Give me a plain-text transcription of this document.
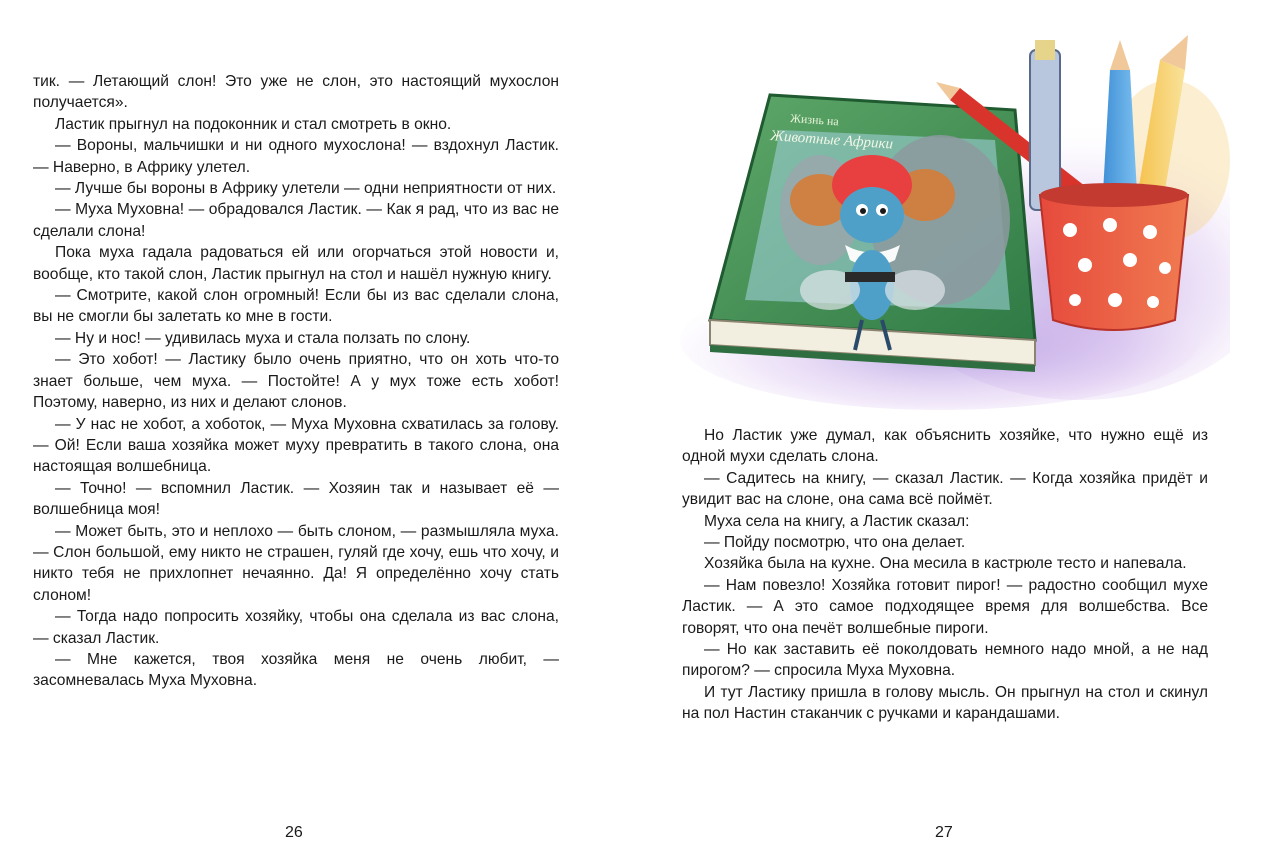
тик. — Летающий слон! Это уже не слон, это настоящий мухослон получается».

Ластик прыгнул на подоконник и стал смотреть в окно.

— Вороны, мальчишки и ни одного мухослона! — вздохнул Ластик. — Наверно, в Африку улетел.

— Лучше бы вороны в Африку улетели — одни неприятности от них.

— Муха Муховна! — обрадовался Ластик. — Как я рад, что из вас не сделали слона!

Пока муха гадала радоваться ей или огорчаться этой новости и, вообще, кто такой слон, Ластик прыгнул на стол и нашёл нужную книгу.

— Смотрите, какой слон огромный! Если бы из вас сделали слона, вы не смогли бы залетать ко мне в гости.

— Ну и нос! — удивилась муха и стала ползать по слону.

— Это хобот! — Ластику было очень приятно, что он хоть что-то знает больше, чем муха. — Постойте! А у мух тоже есть хобот! Поэтому, наверно, из них и делают слонов.

— У нас не хобот, а хоботок, — Муха Муховна схватилась за голову. — Ой! Если ваша хозяйка может муху превратить в такого слона, она настоящая волшебница.

— Точно! — вспомнил Ластик. — Хозяин так и называет её — волшебница моя!

— Может быть, это и неплохо — быть слоном, — размышляла муха. — Слон большой, ему никто не страшен, гуляй где хочу, ешь что хочу, и никто тебя не прихлопнет нечаянно. Да! Я определённо хочу стать слоном!

— Тогда надо попросить хозяйку, чтобы она сделала из вас слона, — сказал Ластик.

— Мне кажется, твоя хозяйка меня не очень любит, — засомневалась Муха Муховна.

26
Жизнь на
Животные Африки

Но Ластик уже думал, как объяснить хозяйке, что нужно ещё из одной мухи сделать слона.

— Садитесь на книгу, — сказал Ластик. — Когда хозяйка придёт и увидит вас на слоне, она сама всё поймёт.

Муха села на книгу, а Ластик сказал:

— Пойду посмотрю, что она делает.

Хозяйка была на кухне. Она месила в кастрюле тесто и напевала.

— Нам повезло! Хозяйка готовит пирог! — радостно сообщил мухе Ластик. — А это самое подходящее время для волшебства. Все говорят, что она печёт волшебные пироги.

— Но как заставить её поколдовать немного надо мной, а не над пирогом? — спросила Муха Муховна.

И тут Ластику пришла в голову мысль. Он прыгнул на стол и скинул на пол Настин стаканчик с ручками и карандашами.

27
